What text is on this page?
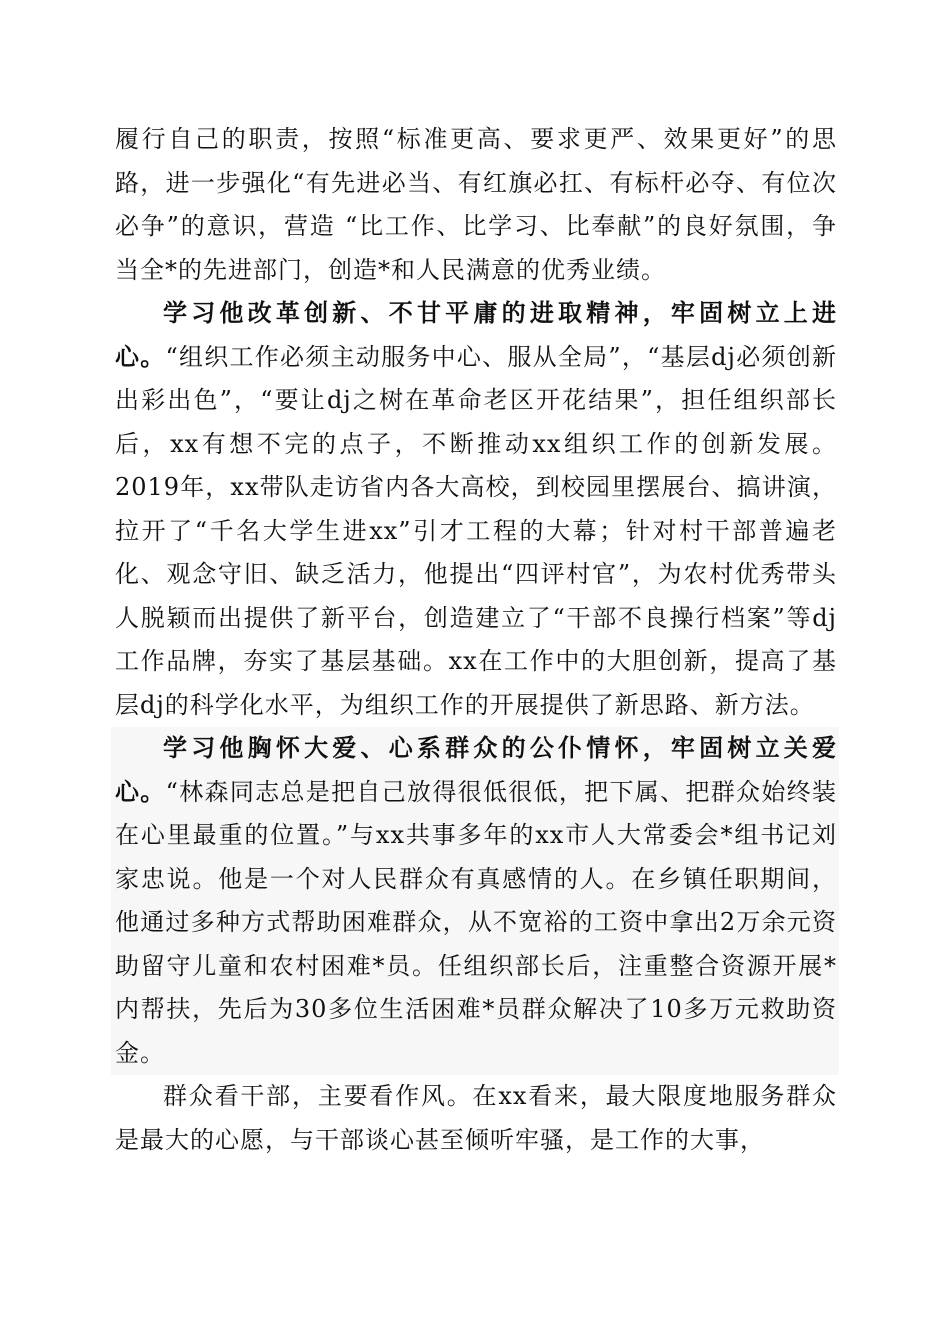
履行自己的职责，按照“标准更高、要求更严、效果更好”的思路，进一步强化“有先进必当、有红旗必扛、有标杆必夺、有位次必争”的意识，营造 “比工作、比学习、比奉献”的良好氛围，争当全*的先进部门，创造*和人民满意的优秀业绩。

学习他改革创新、不甘平庸的进取精神，牢固树立上进心。“组织工作必须主动服务中心、服从全局”，“基层dj必须创新出彩出色”，“要让dj之树在革命老区开花结果”，担任组织部长后，xx有想不完的点子，不断推动xx组织工作的创新发展。2019年，xx带队走访省内各大高校，到校园里摆展台、搞讲演，拉开了“千名大学生进xx”引才工程的大幕；针对村干部普遍老化、观念守旧、缺乏活力，他提出“四评村官”，为农村优秀带头人脱颖而出提供了新平台，创造建立了“干部不良操行档案”等dj工作品牌，夯实了基层基础。xx在工作中的大胆创新，提高了基层dj的科学化水平，为组织工作的开展提供了新思路、新方法。

学习他胸怀大爱、心系群众的公仆情怀，牢固树立关爱心。“林森同志总是把自己放得很低很低，把下属、把群众始终装在心里最重的位置。”与xx共事多年的xx市人大常委会*组书记刘家忠说。他是一个对人民群众有真感情的人。在乡镇任职期间，他通过多种方式帮助困难群众，从不宽裕的工资中拿出2万余元资助留守儿童和农村困难*员。任组织部长后，注重整合资源开展*内帮扶，先后为30多位生活困难*员群众解决了10多万元救助资金。

群众看干部，主要看作风。在xx看来，最大限度地服务群众是最大的心愿，与干部谈心甚至倾听牢骚，是工作的大事，
